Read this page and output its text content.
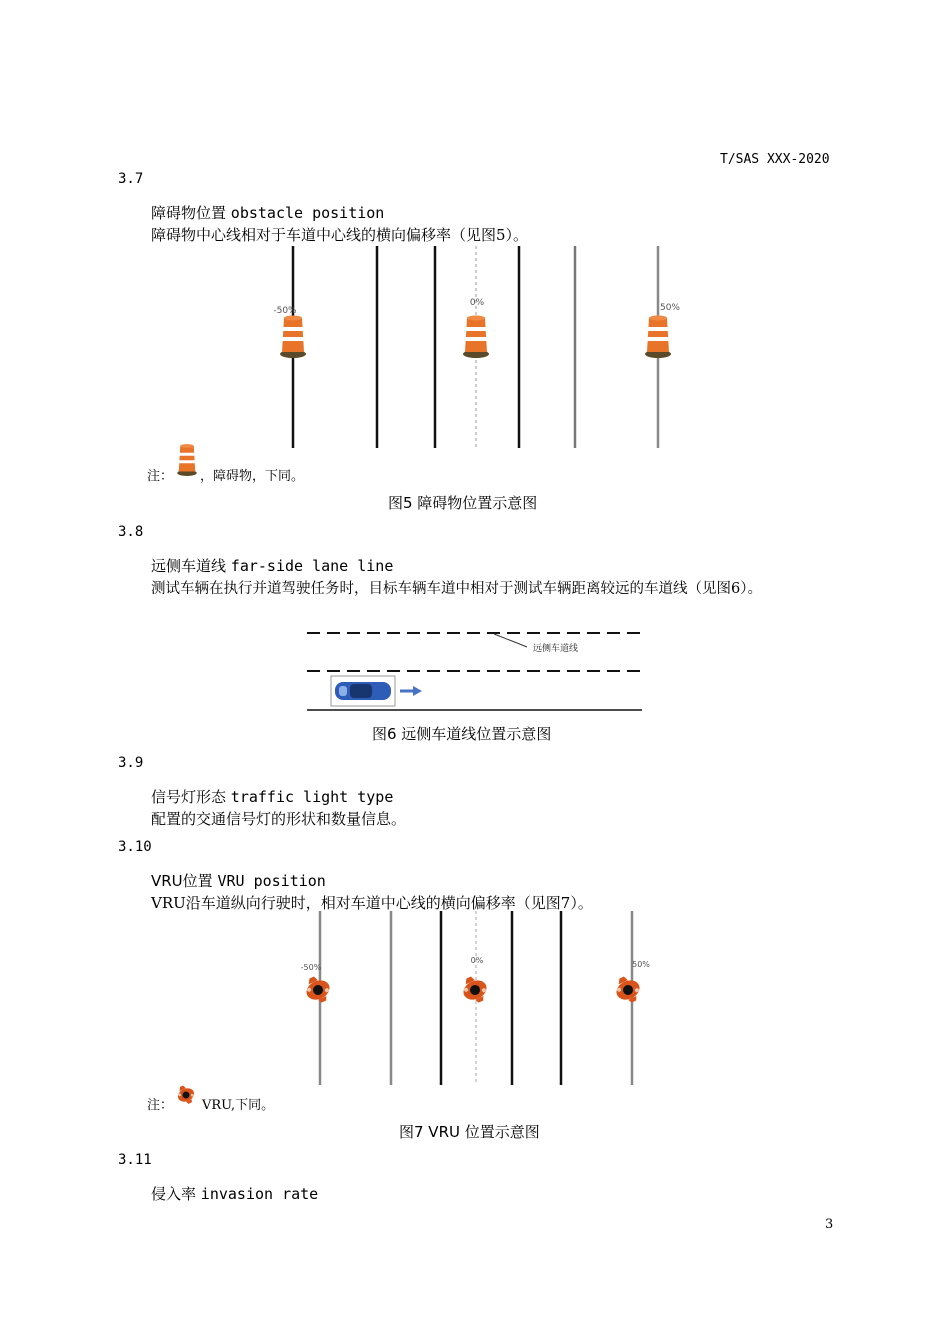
T/SAS XXX-2020
3.7
障碍物位置 obstacle position
障碍物中心线相对于车道中心线的横向偏移率（见图5）。
-50%
0%	50%
远侧车道线
-50%
0%	50%
注： ，障碍物，下同。
图5 障碍物位置示意图
3.8
远侧车道线 far-side lane line
测试车辆在执行并道驾驶任务时，目标车辆车道中相对于测试车辆距离较远的车道线（见图6）。
图6 远侧车道线位置示意图
3.9
信号灯形态 traffic light type
配置的交通信号灯的形状和数量信息。
3.10
VRU位置 VRU position
VRU沿车道纵向行驶时，相对车道中心线的横向偏移率（见图7）。
注： VRU,下同。
图7 VRU 位置示意图
3.11
侵入率 invasion rate
3
